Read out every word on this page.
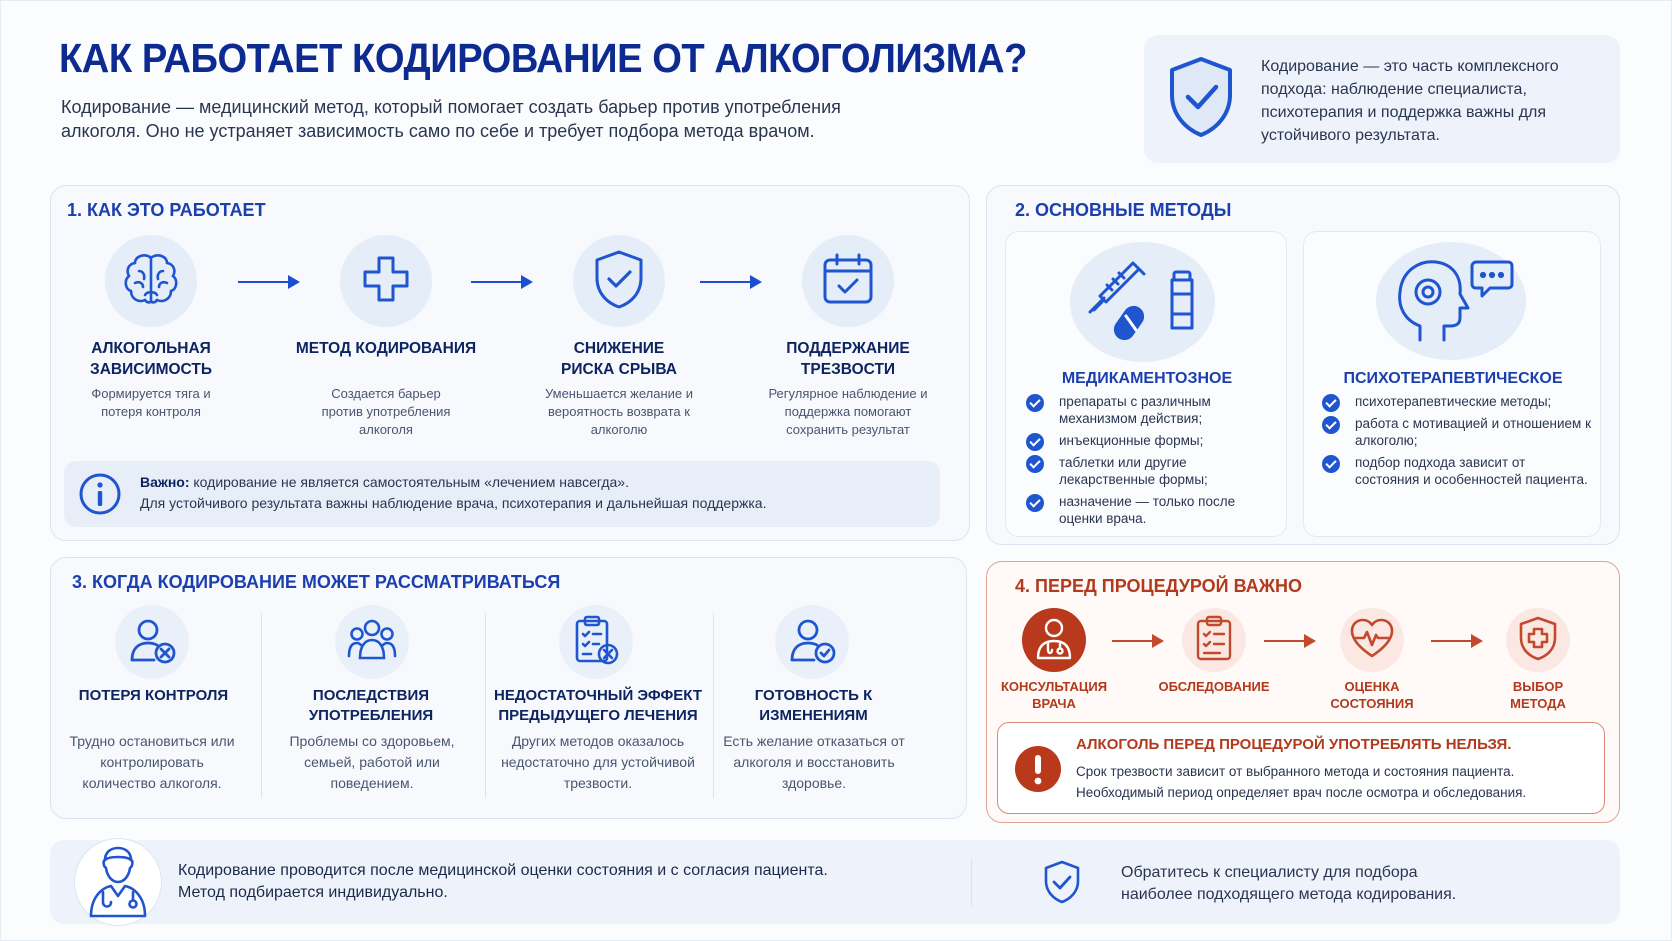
КАК РАБОТАЕТ КОДИРОВАНИЕ ОТ АЛКОГОЛИЗМА?

Кодирование — медицинский метод, который помогает создать барьер против употребления алкоголя. Оно не устраняет зависимость само по себе и требует подбора метода врачом.

Кодирование — это часть комплексного подхода: наблюдение специалиста, психотерапия и поддержка важны для устойчивого результата.

1. КАК ЭТО РАБОТАЕТ
АЛКОГОЛЬНАЯ ЗАВИСИМОСТЬ
Формируется тяга и потеря контроля
МЕТОД КОДИРОВАНИЯ
Создается барьер против употребления алкоголя
СНИЖЕНИЕ РИСКА СРЫВА
Уменьшается желание и вероятность возврата к алкоголю
ПОДДЕРЖАНИЕ ТРЕЗВОСТИ
Регулярное наблюдение и поддержка помогают сохранить результат
Важно: кодирование не является самостоятельным «лечением навсегда».
Для устойчивого результата важны наблюдение врача, психотерапия и дальнейшая поддержка.
2. ОСНОВНЫЕ МЕТОДЫ
МЕДИКАМЕНТОЗНОЕ
препараты с различным механизмом действия;
инъекционные формы;
таблетки или другие лекарственные формы;
назначение — только после оценки врача.
ПСИХОТЕРАПЕВТИЧЕСКОЕ
психотерапевтические методы;
работа с мотивацией и отношением к алкоголю;
подбор подхода зависит от состояния и особенностей пациента.
3. КОГДА КОДИРОВАНИЕ МОЖЕТ РАССМАТРИВАТЬСЯ
ПОТЕРЯ КОНТРОЛЯ
Трудно остановиться или контролировать количество алкоголя.
ПОСЛЕДСТВИЯ УПОТРЕБЛЕНИЯ
Проблемы со здоровьем, семьей, работой или поведением.
НЕДОСТАТОЧНЫЙ ЭФФЕКТ ПРЕДЫДУЩЕГО ЛЕЧЕНИЯ
Других методов оказалось недостаточно для устойчивой трезвости.
ГОТОВНОСТЬ К ИЗМЕНЕНИЯМ
Есть желание отказаться от алкоголя и восстановить здоровье.
4. ПЕРЕД ПРОЦЕДУРОЙ ВАЖНО
КОНСУЛЬТАЦИЯ ВРАЧА
ОБСЛЕДОВАНИЕ	ОЦЕНКА СОСТОЯНИЯ
ВЫБОР МЕТОДА
АЛКОГОЛЬ ПЕРЕД ПРОЦЕДУРОЙ УПОТРЕБЛЯТЬ НЕЛЬЗЯ.
Срок трезвости зависит от выбранного метода и состояния пациента.
Необходимый период определяет врач после осмотра и обследования.
Кодирование проводится после медицинской оценки состояния и с согласия пациента.
Метод подбирается индивидуально.
Обратитесь к специалисту для подбора
наиболее подходящего метода кодирования.
